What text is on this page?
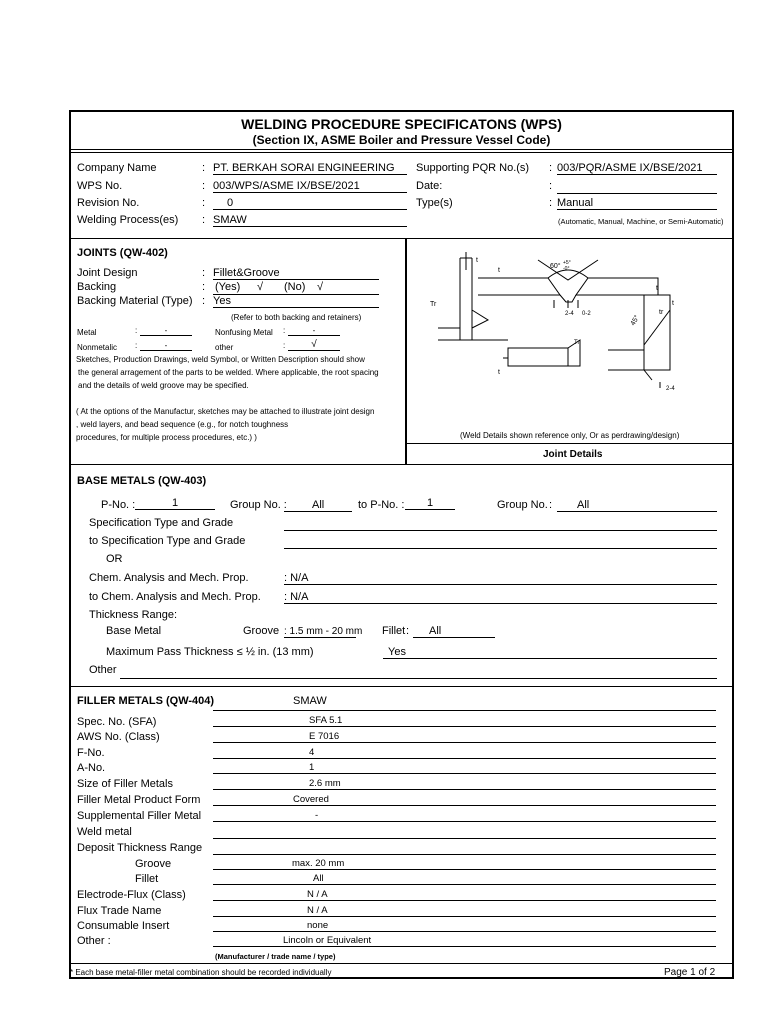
WELDING PROCEDURE SPECIFICATONS (WPS)
(Section IX, ASME Boiler and Pressure Vessel Code)
Company Name	: PT. BERKAH SORAI ENGINEERING
WPS No.	: 003/WPS/ASME IX/BSE/2021
Revision No.	:	0
Welding Process(es) : SMAW
Supporting PQR No.(s) : 003/PQR/ASME IX/BSE/2021
Date:	:
Type(s)	: Manual
(Automatic, Manual, Machine, or Semi-Automatic)
JOINTS (QW-402)
Joint Design	: Fillet&Groove
Backing	: (Yes) √ (No) √
Backing Material (Type) : Yes
(Refer to both backing and retainers)
Metal	:	-	Nonfusing Metal :	-
Nonmetalic :	-	other	:	√
Sketches, Production Drawings, weld Symbol, or Written Description should show
the general arragement of the parts to be welded. Where applicable, the root spacing
and the details of weld groove may be specified.
( At the options of the Manufactur, sketches may be attached to illustrate joint design
, weld layers, and bead sequence (e.g., for notch toughness
procedures, for multiple process procedures, etc.) )
60° +5°
-0°
t
t
t
Tr
2-4 0-2
45°
tr
t
Tr
t
2-4
(Weld Details shown reference only, Or as perdrawing/design)
Joint Details
BASE METALS (QW-403)
P-No. :	1	Group No. :	All	to P-No. :	1	Group No. :	All
Specification Type and Grade
to Specification Type and Grade
OR
Chem. Analysis and Mech. Prop.	: N/A
to Chem. Analysis and Mech. Prop. : N/A
Thickness Range:
Base Metal	Groove : 1.5 mm - 20 mm Fillet :	All
Maximum Pass Thickness ≤ ½ in. (13 mm)	Yes
Other
FILLER METALS (QW-404)	SMAW
Spec. No. (SFA)	SFA 5.1
AWS No. (Class)	E 7016
F-No.	4
A-No.	1
Size of Filler Metals	2.6 mm
Filler Metal Product Form	Covered
Supplemental Filler Metal	-
Weld metal
Deposit Thickness Range
Groove	max. 20 mm
Fillet	All
Electrode-Flux (Class)	N / A
Flux Trade Name	N / A
Consumable Insert	none
Other :	Lincoln or Equivalent
(Manufacturer / trade name / type)
* Each base metal-filler metal combination should be recorded individually	Page 1 of 2
